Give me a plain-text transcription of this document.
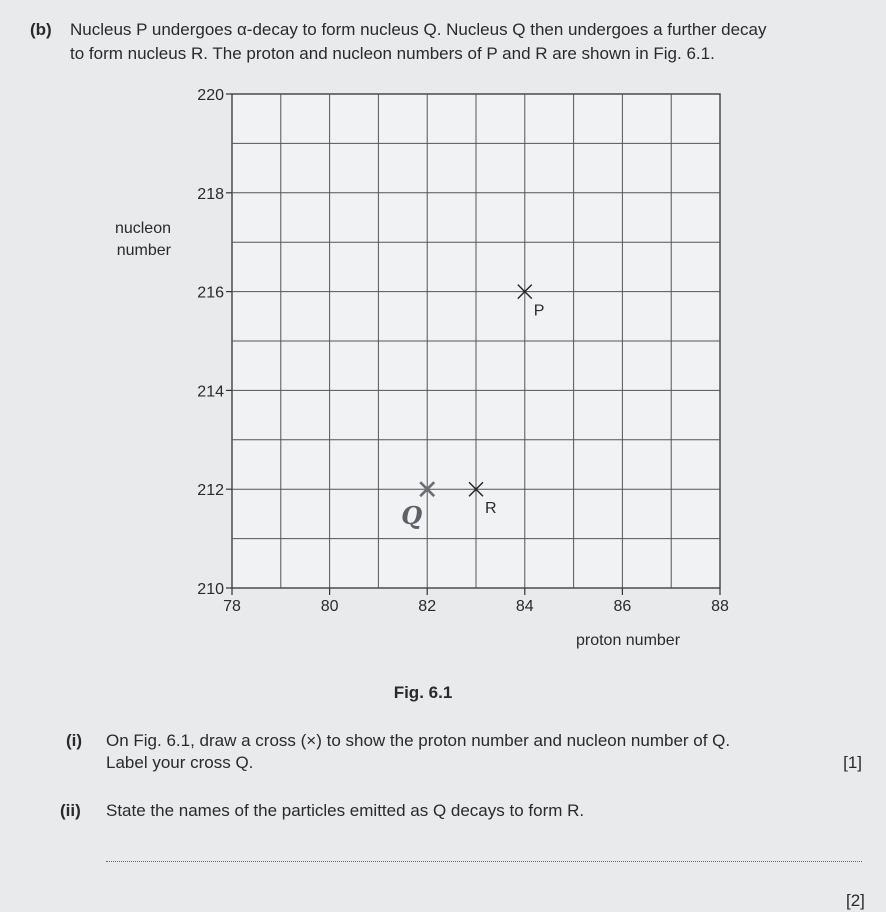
(b) Nucleus P undergoes α-decay to form nucleus Q. Nucleus Q then undergoes a further decay
to form nucleus R. The proton and nucleon numbers of P and R are shown in Fig. 6.1.
78	80	82	84	86	88
210
212
214
216
218
220
proton number
nucleon
number
P
R
Q
Fig. 6.1
(i) On Fig. 6.1, draw a cross (×) to show the proton number and nucleon number of Q.
Label your cross Q.	[1]
(ii)	State the names of the particles emitted as Q decays to form R.
[2]
